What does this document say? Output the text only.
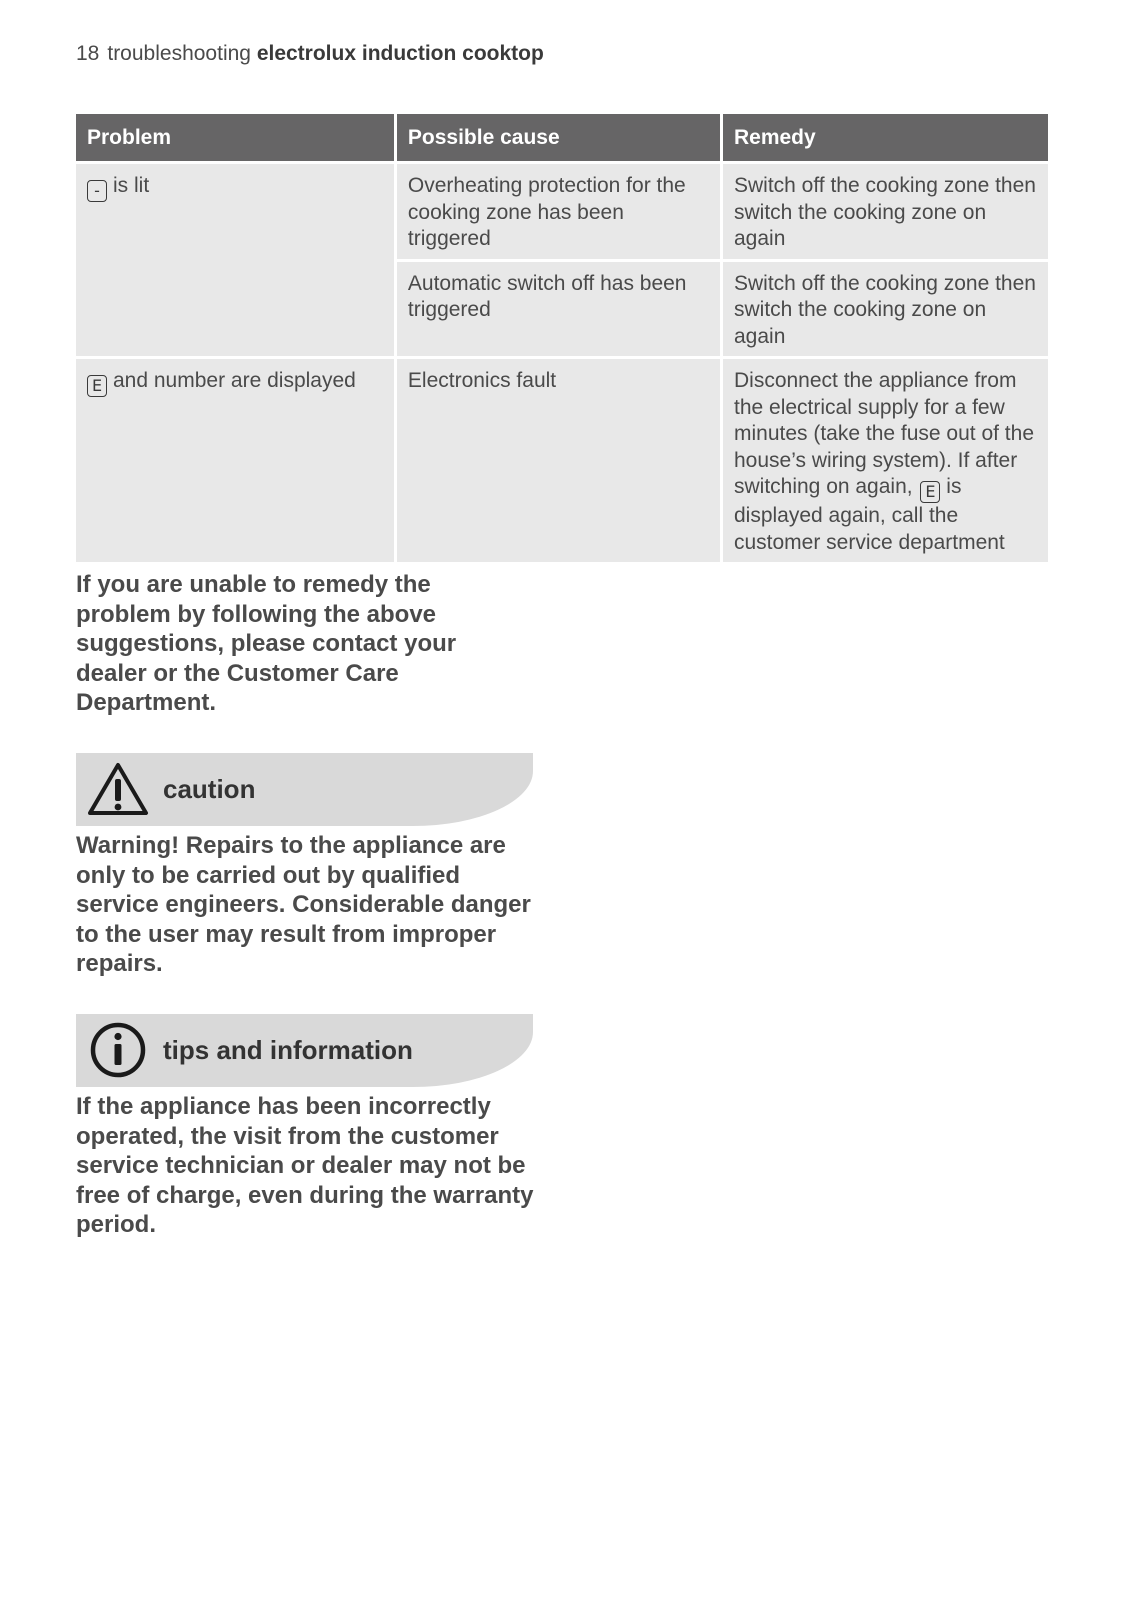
18 troubleshooting electrolux induction cooktop
Problem	Possible cause	Remedy
- is lit	Overheating protection for the cooking zone has been triggered	Switch off the cooking zone then switch the cooking zone on again
	Automatic switch off has been triggered	Switch off the cooking zone then switch the cooking zone on again
E and number are displayed	Electronics fault	Disconnect the appliance from the electrical supply for a few minutes (take the fuse out of the house’s wiring system). If after switching on again, E is displayed again, call the customer service department

If you are unable to remedy the problem by following the above suggestions, please contact your dealer or the Customer Care Department.

caution

Warning! Repairs to the appliance are only to be carried out by qualified service engineers. Considerable danger to the user may result from improper repairs.

tips and information

If the appliance has been incorrectly operated, the visit from the customer service technician or dealer may not be free of charge, even during the warranty period.
